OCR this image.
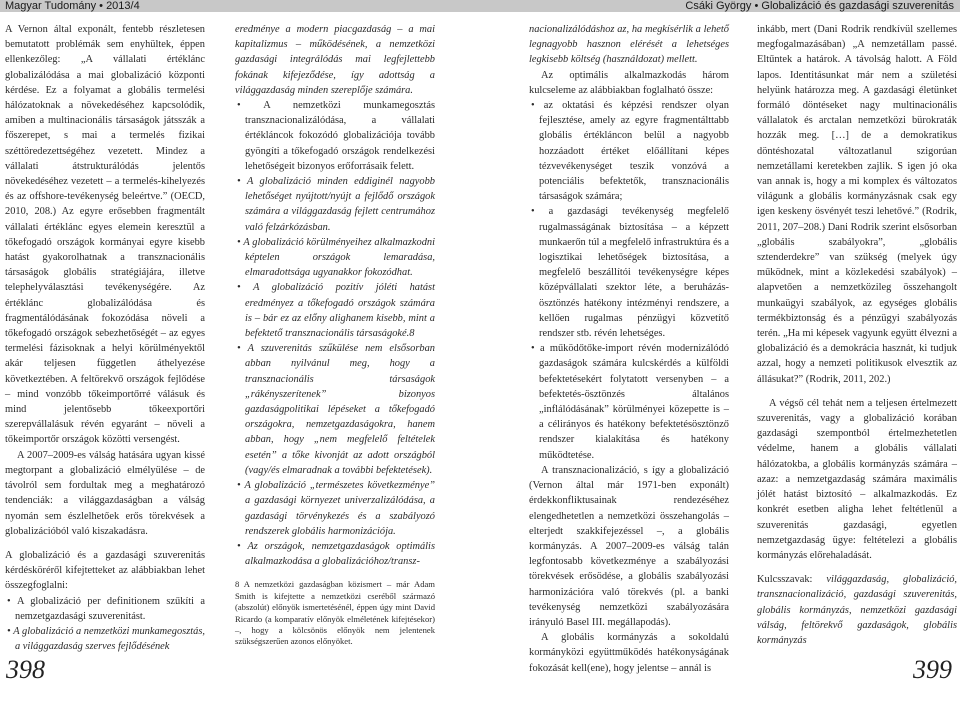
Magyar Tudomány • 2013/4	Csáki György • Globalizáció és gazdasági szuverenitás

A Vernon által exponált, fentebb részletesen bemutatott problémák sem enyhültek, éppen ellenkezőleg: „A vállalati értéklánc globalizálódása a mai globalizáció központi kérdése. Ez a folyamat a globális termelési hálózatoknak a növekedéséhez kapcsolódik, amiben a multinacionális társaságok játsszák a főszerepet, s mai a termelés fizikai széttöredezettségéhez vezetett. Mindez a vállalati átstrukturálódás jelentős növekedéséhez vezetett – a termelés-kihelyezés és az offshore-tevékenység beleértve.” (OECD, 2010, 208.) Az egyre erősebben fragmentált vállalati értéklánc egyes elemein keresztül a tőkefogadó országok kormányai egyre kisebb hatást gyakorolhatnak a transznacionális társaságok globális stratégiájára, illetve telephelyválasztási tevékenységére. Az értéklánc globalizálódása és fragmentálódásának fokozódása növeli a tőkefogadó országok sebezhetőségét – az egyes termelési fázisoknak a helyi körülményektől akár teljesen független áthelyezése következtében. A feltörekvő országok fejlődése – mind vonzóbb tőkeimportőrré válásuk és mind jelentősebb tőkeexportőri szerepvállalásuk révén egyaránt – növeli a tőkeimportőr országok közötti versengést.

A 2007–2009-es válság hatására ugyan kissé megtorpant a globalizáció elmélyülése – de távolról sem fordultak meg a meghatározó tendenciák: a világgazdaságban a válság nyomán sem észlelhetőek erős törekvések a globalizációból való kiszakadásra.

A globalizáció és a gazdasági szuverenitás kérdésköréről kifejtetteket az alábbiakban lehet összegfoglalni:

• A globalizáció per definitionem szűkíti a nemzetgazdasági szuverenitást.

• A globalizáció a nemzetközi munkamegosztás, a világgazdaság szerves fejlődésének

eredménye a modern piacgazdaság – a mai kapitalizmus – működésének, a nemzetközi gazdasági integrálódás mai legfejlettebb fokának kifejeződése, így adottság a világgazdaság minden szereplője számára.

• A nemzetközi munkamegosztás transznacionalizálódása, a vállalati értékláncok fokozódó globalizációja tovább gyöngíti a tőkefogadó országok rendelkezési lehetőségeit bizonyos erőforrásaik felett.

• A globalizáció minden eddiginél nagyobb lehetőséget nyújtott/nyújt a fejlődő országok számára a világgazdaság fejlett centrumához való felzárkózásban.

• A globalizáció körülményeihez alkalmazkodni képtelen országok lemaradása, elmaradottsága ugyanakkor fokozódhat.

• A globalizáció pozitív jóléti hatást eredményez a tőkefogadó országok számára is – bár ez az előny alighanem kisebb, mint a befektető transznacionális társaságoké.8

• A szuverenitás szűkülése nem elsősorban abban nyilvánul meg, hogy a transznacionális társaságok „rákényszerítenek” bizonyos gazdaságpolitikai lépéseket a tőkefogadó országokra, nemzetgazdaságokra, hanem abban, hogy „nem megfelelő feltételek esetén” a tőke kivonját az adott országból (vagy/és elmaradnak a további befektetések).

• A globalizáció „természetes következménye” a gazdasági környezet univerzalizálódása, a gazdasági törvénykezés és a szabályozó rendszerek globális harmonizációja.

• Az országok, nemzetgazdaságok optimális alkalmazkodása a globalizációhoz/transz-

8 A nemzetközi gazdaságban közismert – már Adam Smith is kifejtette a nemzetközi cseréből származó (abszolút) előnyök ismertetésénél, éppen úgy mint David Ricardo (a komparatív előnyök elméletének kifejtésekor) –, hogy a kölcsönös előnyök nem jelentenek szükségszerűen azonos előnyöket.

nacionalizálódáshoz az, ha megkísérlik a lehető legnagyobb hasznon elérését a lehetséges legkisebb költség (használdozat) mellett.

Az optimális alkalmazkodás három kulcseleme az alábbiakban foglalható össze:

• az oktatási és képzési rendszer olyan fejlesztése, amely az egyre fragmentálttabb globális értékláncon belül a nagyobb hozzáadott értéket előállítani képes tézvevékenységet teszik vonzóvá a potenciális befektetők, transznacionális társaságok számára;

• a gazdasági tevékenység megfelelő rugalmasságának biztosítása – a képzett munkaerőn túl a megfelelő infrastruktúra és a logisztikai lehetőségek biztosítása, a megfelelő beszállítói tevékenységre képes középvállalati szektor léte, a beruházás-ösztönzés hatékony intézményi rendszere, a kellően rugalmas pénzügyi közvetítő rendszer stb. révén lehetséges.

• a működőtőke-import révén modernizálódó gazdaságok számára kulcskérdés a külföldi befektetésekért folytatott versenyben – a befektetés-ösztönzés általános „inflálódásának” körülményei közepette is – a célirányos és hatékony befektetésösztönző rendszer kialakítása és hatékony működtetése.

A transznacionalizáció, s így a globalizáció (Vernon által már 1971-ben exponált) érdekkonfliktusainak rendezéséhez elengedhetetlen a nemzetközi összehangolás – elterjedt szakkifejezéssel –, a globális kormányzás. A 2007–2009-es válság talán legfontosabb következménye a szabályozási törekvések erősödése, a globális szabályozási harmonizációra való törekvés (pl. a banki tevékenység nemzetközi szabályozására irányuló Basel III. megállapodás).

A globális kormányzás a sokoldalú kormányközi együttműködés hatékonyságának fokozását kell(ene), hogy jelentse – annál is

inkább, mert (Dani Rodrik rendkívül szellemes megfogalmazásában) „A nemzetállam passé. Eltűntek a határok. A távolság halott. A Föld lapos. Identitásunkat már nem a születési helyünk határozza meg. A gazdasági életünket formáló döntéseket nagy multinacionális vállalatok és arctalan nemzetközi bürokraták hozzák meg. […] de a demokratikus döntéshozatal változatlanul szigorúan nemzetállami keretekben zajlik. S igen jó oka van annak is, hogy a mi komplex és változatos világunk a globális kormányzásnak csak egy igen keskeny ösvényét teszi lehetővé.” (Rodrik, 2011, 207–208.) Dani Rodrik szerint elsősorban „globális szabályokra”, „globális sztenderdekre” van szükség (melyek úgy működnek, mint a közlekedési szabályok) – alapvetően a nemzetközileg összehangolt munkaügyi szabályok, az egységes globális termékbiztonság és a pénzügyi szabályozás terén. „Ha mi képesek vagyunk együtt élvezni a globalizáció és a demokrácia hasznát, ki tudjuk azzal, hogy a nemzeti politikusok elvesztik az állásukat?” (Rodrik, 2011, 202.)

A végső cél tehát nem a teljesen értelmezett szuverenitás, vagy a globalizáció korában gazdasági szempontból értelmezhetetlen védelme, hanem a globális vállalati hálózatokba, a globális kormányzás számára – azaz: a nemzetgazdaság számára maximális jólét hatást biztosító – alkalmazkodás. Ez konkrét esetben aligha lehet feltétlenül a szuverenitás gazdasági, egyetlen nemzetgazdaság ügye: feltételezi a globális kormányzás előrehaladását.

Kulcsszavak: világgazdaság, globalizáció, transznacionalizáció, gazdasági szuverenitás, globális kormányzás, nemzetközi gazdasági válság, feltörekvő gazdaságok, globális kormányzás

398	399
